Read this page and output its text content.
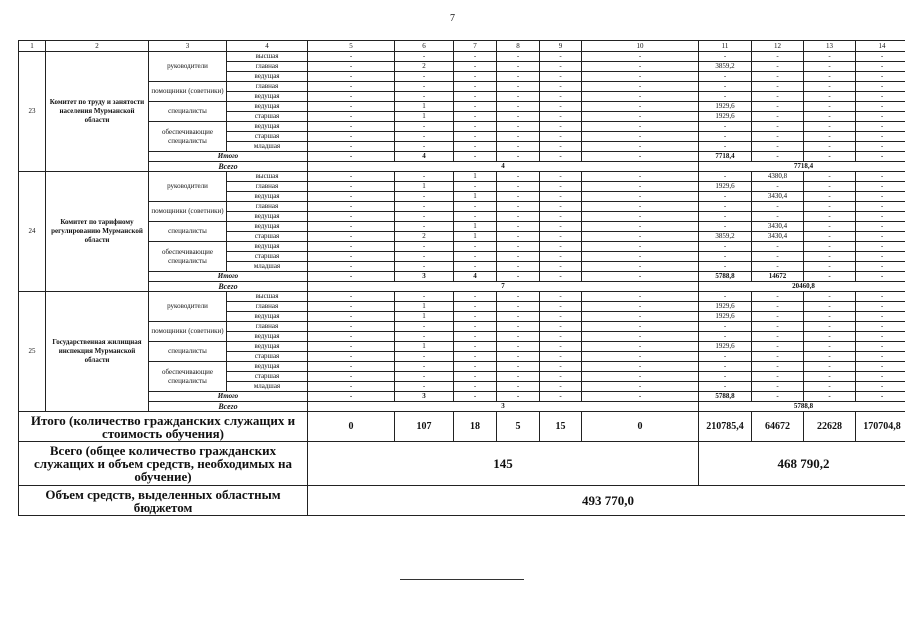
7
1	2	3	4	5	6	7	8	9	10	11	12	13	14
23	Комитет по труду и занятости населения Мурманской области	руководители	высшая	-	-	-	-	-	-	-	-	-	-
			главная	-	2	-	-	-	-	3859,2	-	-	-
			ведущая	-	-	-	-	-	-	-	-	-	-
		помощники (советники)	главная	-	-	-	-	-	-	-	-	-	-
			ведущая	-	-	-	-	-	-	-	-	-	-
		специалисты	ведущая	-	1	-	-	-	-	1929,6	-	-	-
			старшая	-	1	-	-	-	-	1929,6	-	-	-
		обеспечивающие специалисты	ведущая	-	-	-	-	-	-	-	-	-	-
			старшая	-	-	-	-	-	-	-	-	-	-
			младшая	-	-	-	-	-	-	-	-	-	-
		Итого		-	4	-	-	-	-	7718,4	-	-	-
		Всего		4						7718,4			
24	Комитет по тарифному регулированию Мурманской области	руководители	высшая	-	-	1	-	-	-	-	4380,8	-	-
			главная	-	1	-	-	-	-	1929,6	-	-	-
			ведущая	-	-	1	-	-	-	-	3430,4	-	-
		помощники (советники)	главная	-	-	-	-	-	-	-	-	-	-
			ведущая	-	-	-	-	-	-	-	-	-	-
		специалисты	ведущая	-	-	1	-	-	-	-	3430,4	-	-
			старшая	-	2	1	-	-	-	3859,2	3430,4	-	-
		обеспечивающие специалисты	ведущая	-	-	-	-	-	-	-	-	-	-
			старшая	-	-	-	-	-	-	-	-	-	-
			младшая	-	-	-	-	-	-	-	-	-	-
		Итого		-	3	4	-	-	-	5788,8	14672	-	-
		Всего		7						20460,8			
25	Государственная жилищная инспекция Мурманской области	руководители	высшая	-	-	-	-	-	-	-	-	-	-
			главная	-	1	-	-	-	-	1929,6	-	-	-
			ведущая	-	1	-	-	-	-	1929,6	-	-	-
		помощники (советники)	главная	-	-	-	-	-	-	-	-	-	-
			ведущая	-	-	-	-	-	-	-	-	-	-
		специалисты	ведущая	-	1	-	-	-	-	1929,6	-	-	-
			старшая	-	-	-	-	-	-	-	-	-	-
		обеспечивающие специалисты	ведущая	-	-	-	-	-	-	-	-	-	-
			старшая	-	-	-	-	-	-	-	-	-	-
			младшая	-	-	-	-	-	-	-	-	-	-
		Итого		-	3	-	-	-	-	5788,8	-	-	-
		Всего		3						5788,8			
Итого (количество гражданских служащих и стоимость обучения)				0	107	18	5	15	0	210785,4	64672	22628	170704,8
Всего (общее количество гражданских служащих и объем средств, необходимых на обучение)				145						468 790,2			
Объем средств, выделенных областным бюджетом				493 770,0									
